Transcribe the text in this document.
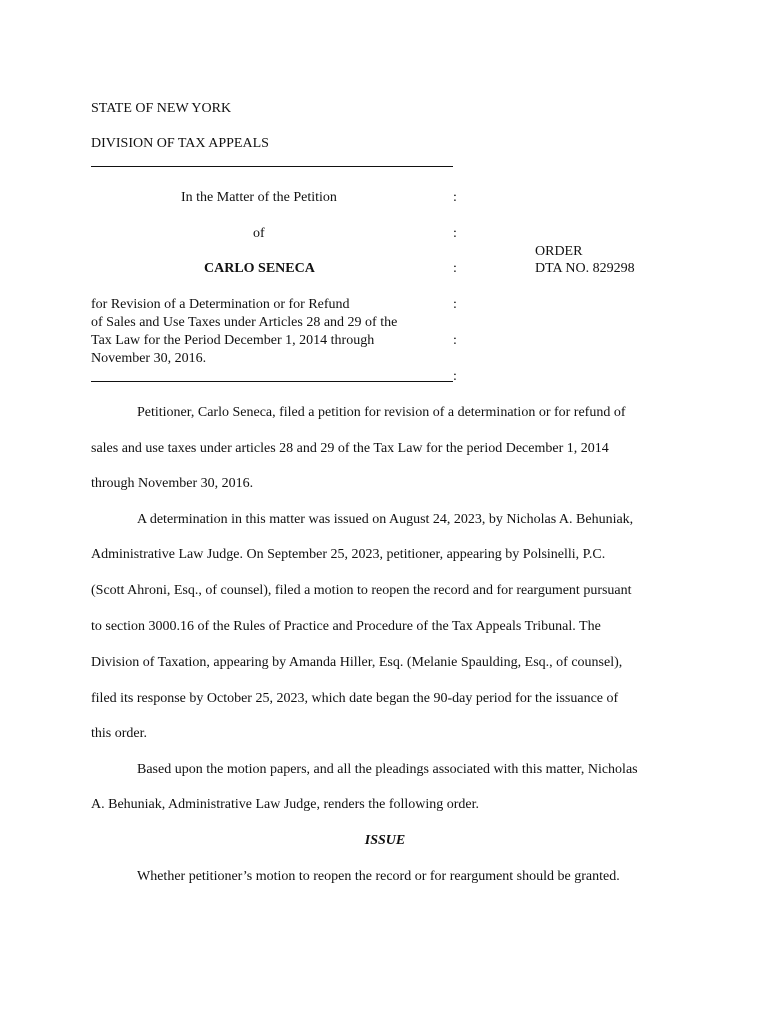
STATE OF NEW YORK
DIVISION OF TAX APPEALS
In the Matter of the Petition
of
CARLO SENECA
for Revision of a Determination or for Refund
of Sales and Use Taxes under Articles 28 and 29 of the
Tax Law for the Period December 1, 2014 through
November 30, 2016.
:
:
:
:
:
:
ORDER
DTA NO. 829298
Petitioner, Carlo Seneca, filed a petition for revision of a determination or for refund of
sales and use taxes under articles 28 and 29 of the Tax Law for the period December 1, 2014
through November 30, 2016.
A determination in this matter was issued on August 24, 2023, by Nicholas A. Behuniak,
Administrative Law Judge. On September 25, 2023, petitioner, appearing by Polsinelli, P.C.
(Scott Ahroni, Esq., of counsel), filed a motion to reopen the record and for reargument pursuant
to section 3000.16 of the Rules of Practice and Procedure of the Tax Appeals Tribunal. The
Division of Taxation, appearing by Amanda Hiller, Esq. (Melanie Spaulding, Esq., of counsel),
filed its response by October 25, 2023, which date began the 90-day period for the issuance of
this order.
Based upon the motion papers, and all the pleadings associated with this matter, Nicholas
A. Behuniak, Administrative Law Judge, renders the following order.
ISSUE
Whether petitioner’s motion to reopen the record or for reargument should be granted.
